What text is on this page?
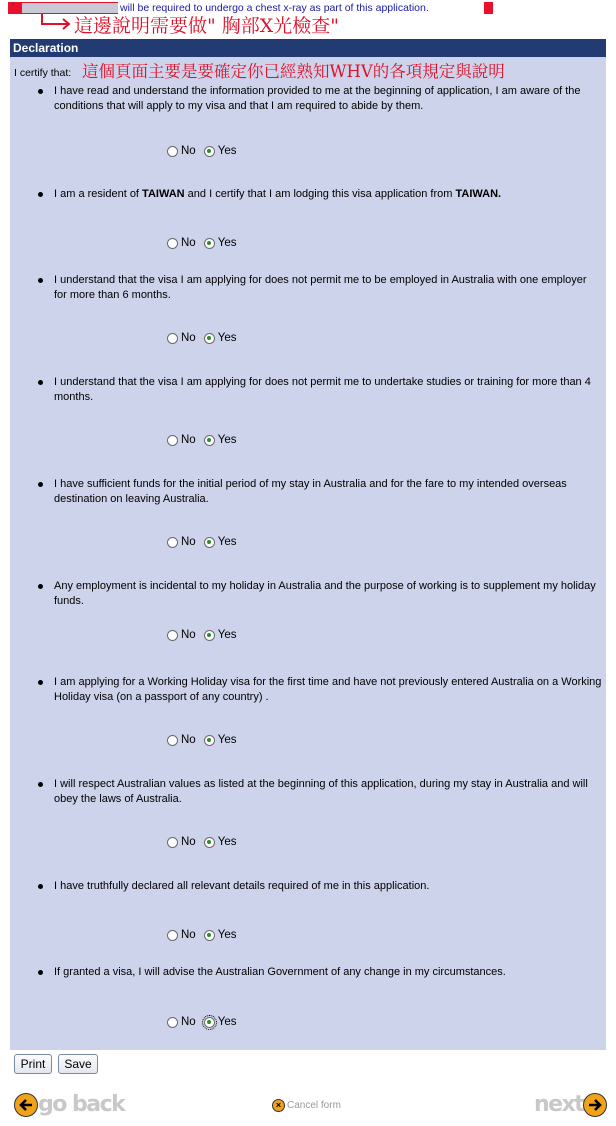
'	will be required to undergo a chest x-ray as part of this application.
這邊說明需要做" 胸部X光檢查"
Declaration
I certify that: 這個頁面主要是要確定你已經熟知WHV的各項規定與說明
I have read and understand the information provided to me at the beginning of application, I am aware of the conditions that will apply to my visa and that I am required to abide by them.
No Yes
I am a resident of TAIWAN and I certify that I am lodging this visa application from TAIWAN.
No Yes
I understand that the visa I am applying for does not permit me to be employed in Australia with one employer for more than 6 months.
No Yes
I understand that the visa I am applying for does not permit me to undertake studies or training for more than 4 months.
No Yes
I have sufficient funds for the initial period of my stay in Australia and for the fare to my intended overseas destination on leaving Australia.
No Yes
Any employment is incidental to my holiday in Australia and the purpose of working is to supplement my holiday funds.
No Yes
I am applying for a Working Holiday visa for the first time and have not previously entered Australia on a Working Holiday visa (on a passport of any country) .
No Yes
I will respect Australian values as listed at the beginning of this application, during my stay in Australia and will obey the laws of Australia.
No Yes
I have truthfully declared all relevant details required of me in this application.
No Yes
If granted a visa, I will advise the Australian Government of any change in my circumstances.
No Yes
Print	Save
go back	× Cancel form	next
